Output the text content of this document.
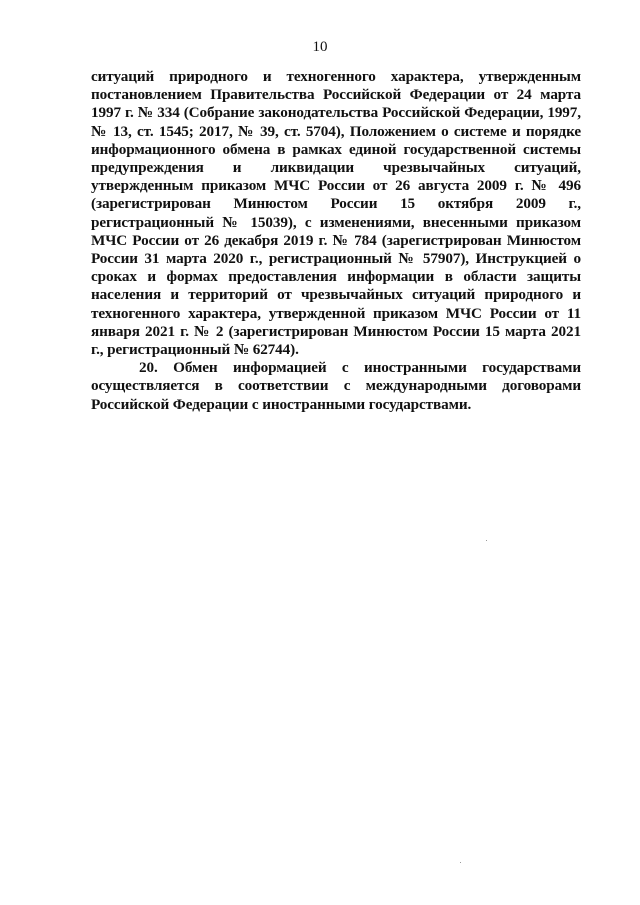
10

ситуаций природного и техногенного характера, утвержденным постановлением Правительства Российской Федерации от 24 марта 1997 г. № 334 (Собрание законодательства Российской Федерации, 1997, № 13, ст. 1545; 2017, № 39, ст. 5704), Положением о системе и порядке информационного обмена в рамках единой государственной системы предупреждения и ликвидации чрезвычайных ситуаций, утвержденным приказом МЧС России от 26 августа 2009 г. № 496 (зарегистрирован Минюстом России 15 октября 2009 г., регистрационный № 15039), с изменениями, внесенными приказом МЧС России от 26 декабря 2019 г. № 784 (зарегистрирован Минюстом России 31 марта 2020 г., регистрационный № 57907), Инструкцией о сроках и формах предоставления информации в области защиты населения и территорий от чрезвычайных ситуаций природного и техногенного характера, утвержденной приказом МЧС России от 11 января 2021 г. № 2 (зарегистрирован Минюстом России 15 марта 2021 г., регистрационный № 62744).

20. Обмен информацией с иностранными государствами осуществляется в соответствии с международными договорами Российской Федерации с иностранными государствами.
